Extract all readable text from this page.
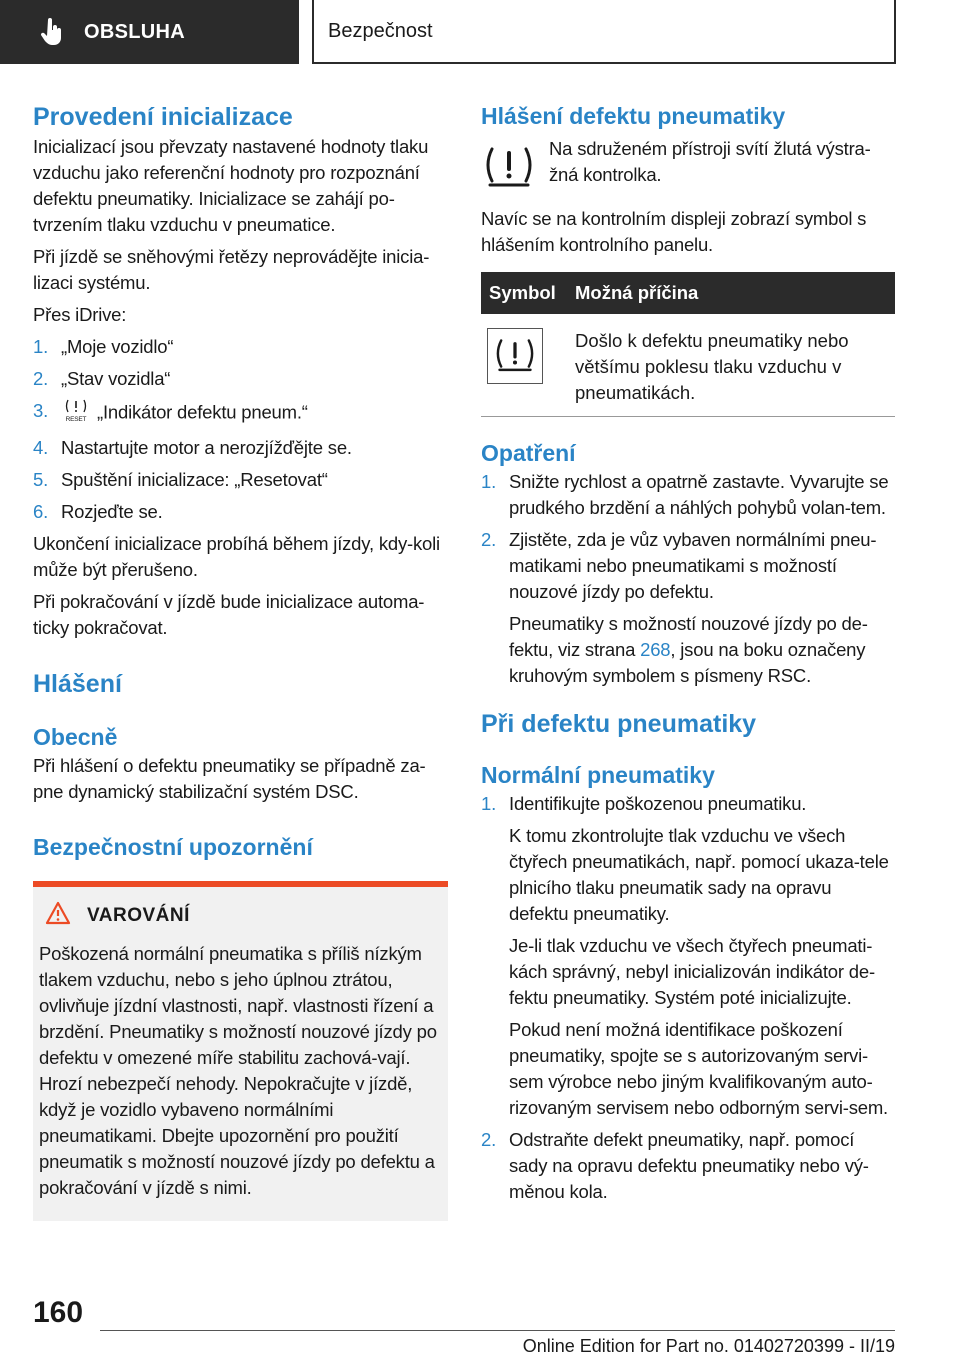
OBSLUHA	Bezpečnost
Provedení inicializace

Inicializací jsou převzaty nastavené hodnoty tlaku vzduchu jako referenční hodnoty pro rozpoznání defektu pneumatiky. Inicializace se zahájí po-tvrzením tlaku vzduchu v pneumatice.

Při jízdě se sněhovými řetězy neprovádějte inicia-lizaci systému.

Přes iDrive:

1. „Moje vozidlo“
2. „Stav vozidla“
3.	RESET „Indikátor defektu pneum.“
4. Nastartujte motor a nerozjížďějte se.
5. Spuštění inicializace: „Resetovat“
6. Rozjeďte se.

Ukončení inicializace probíhá během jízdy, kdy-koli může být přerušeno.

Při pokračování v jízdě bude inicializace automa-ticky pokračovat.

Hlášení
Obecně

Při hlášení o defektu pneumatiky se případně za-pne dynamický stabilizační systém DSC.

Bezpečnostní upozornění
VAROVÁNÍ

Poškozená normální pneumatika s příliš nízkým tlakem vzduchu, nebo s jeho úplnou ztrátou, ovlivňuje jízdní vlastnosti, např. vlastnosti řízení a brzdění. Pneumatiky s možností nouzové jízdy po defektu v omezené míře stabilitu zachová-vají. Hrozí nebezpečí nehody. Nepokračujte v jízdě, když je vozidlo vybaveno normálními pneumatikami. Dbejte upozornění pro použití pneumatik s možností nouzové jízdy po defektu a pokračování v jízdě s nimi.

Hlášení defektu pneumatiky

Na sdruženém přístroji svítí žlutá výstra-žná kontrolka.

Navíc se na kontrolním displeji zobrazí symbol s hlášením kontrolního panelu.

Symbol	Možná příčina

	Došlo k defektu pneumatiky nebo většímu poklesu tlaku vzduchu v pneumatikách.
Opatření
1. Snižte rychlost a opatrně zastavte. Vyvarujte se prudkého brzdění a náhlých pohybů volan-tem.
2. Zjistěte, zda je vůz vybaven normálními pneu-matikami nebo pneumatikami s možností nouzové jízdy po defektu.
Pneumatiky s možností nouzové jízdy po de-fektu, viz strana 268, jsou na boku označeny kruhovým symbolem s písmeny RSC.
Při defektu pneumatiky
Normální pneumatiky
1. Identifikujte poškozenou pneumatiku.
K tomu zkontrolujte tlak vzduchu ve všech čtyřech pneumatikách, např. pomocí ukaza-tele plnicího tlaku pneumatik sady na opravu defektu pneumatiky.
Je-li tlak vzduchu ve všech čtyřech pneumati-kách správný, nebyl inicializován indikátor de-fektu pneumatiky. Systém poté inicializujte.
Pokud není možná identifikace poškození pneumatiky, spojte se s autorizovaným servi-sem výrobce nebo jiným kvalifikovaným auto-rizovaným servisem nebo odborným servi-sem.
2. Odstraňte defekt pneumatiky, např. pomocí sady na opravu defektu pneumatiky nebo vý-měnou kola.
160
Online Edition for Part no. 01402720399 - II/19
